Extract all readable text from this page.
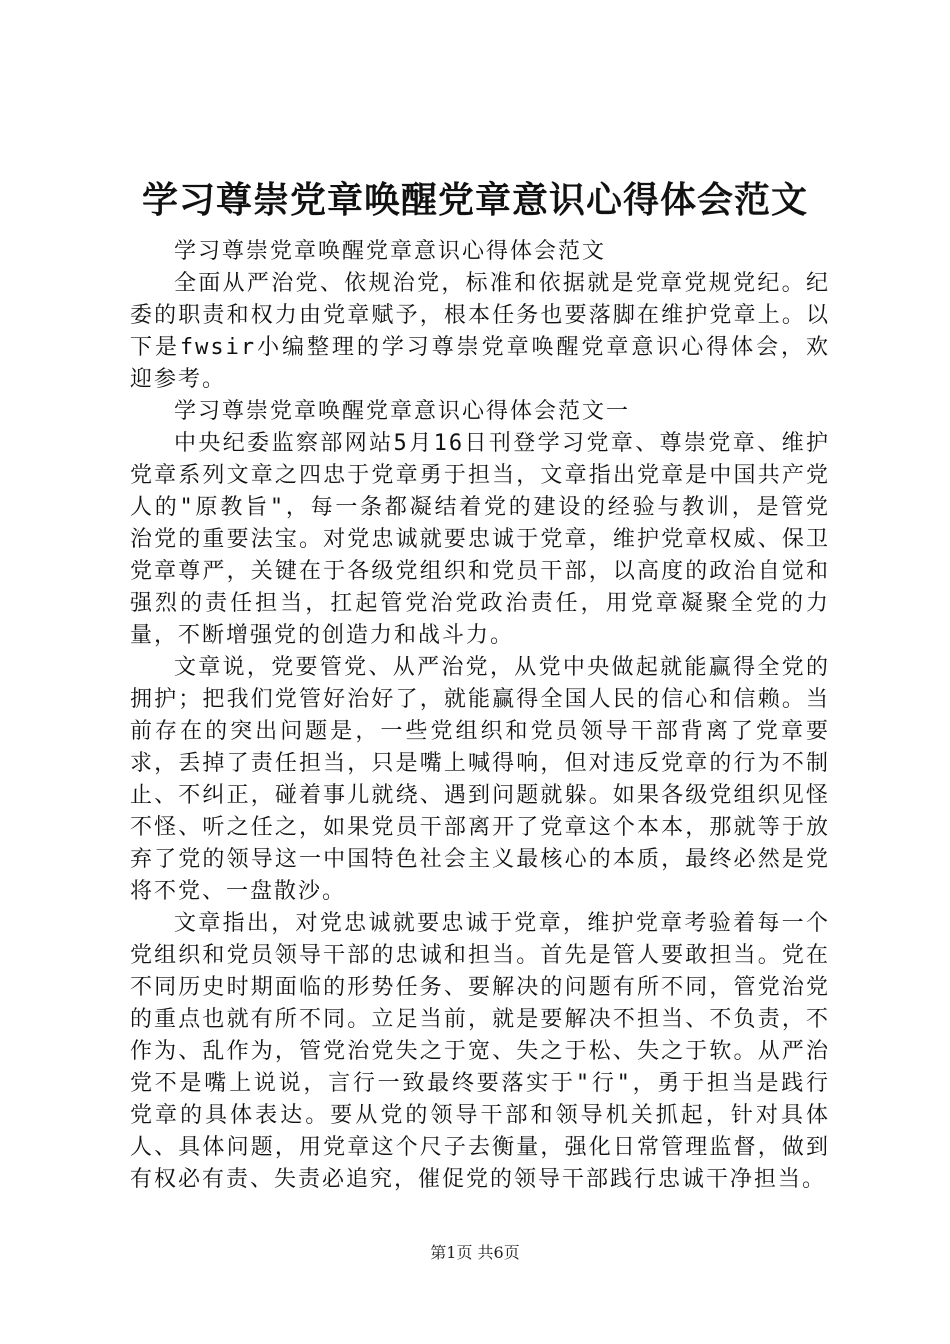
学习尊崇党章唤醒党章意识心得体会范文

学习尊崇党章唤醒党章意识心得体会范文

全面从严治党、依规治党，标准和依据就是党章党规党纪。纪委的职责和权力由党章赋予，根本任务也要落脚在维护党章上。以下是fwsir小编整理的学习尊崇党章唤醒党章意识心得体会，欢迎参考。

学习尊崇党章唤醒党章意识心得体会范文一

中央纪委监察部网站5月16日刊登学习党章、尊崇党章、维护党章系列文章之四忠于党章勇于担当，文章指出党章是中国共产党人的"原教旨"，每一条都凝结着党的建设的经验与教训，是管党治党的重要法宝。对党忠诚就要忠诚于党章，维护党章权威、保卫党章尊严，关键在于各级党组织和党员干部，以高度的政治自觉和强烈的责任担当，扛起管党治党政治责任，用党章凝聚全党的力量，不断增强党的创造力和战斗力。

文章说，党要管党、从严治党，从党中央做起就能赢得全党的拥护；把我们党管好治好了，就能赢得全国人民的信心和信赖。当前存在的突出问题是，一些党组织和党员领导干部背离了党章要求，丢掉了责任担当，只是嘴上喊得响，但对违反党章的行为不制止、不纠正，碰着事儿就绕、遇到问题就躲。如果各级党组织见怪不怪、听之任之，如果党员干部离开了党章这个本本，那就等于放弃了党的领导这一中国特色社会主义最核心的本质，最终必然是党将不党、一盘散沙。

文章指出，对党忠诚就要忠诚于党章，维护党章考验着每一个党组织和党员领导干部的忠诚和担当。首先是管人要敢担当。党在不同历史时期面临的形势任务、要解决的问题有所不同，管党治党的重点也就有所不同。立足当前，就是要解决不担当、不负责，不作为、乱作为，管党治党失之于宽、失之于松、失之于软。从严治党不是嘴上说说，言行一致最终要落实于"行"，勇于担当是践行党章的具体表达。要从党的领导干部和领导机关抓起，针对具体人、具体问题，用党章这个尺子去衡量，强化日常管理监督，做到有权必有责、失责必追究，催促党的领导干部践行忠诚干净担当。

第1页 共6页
